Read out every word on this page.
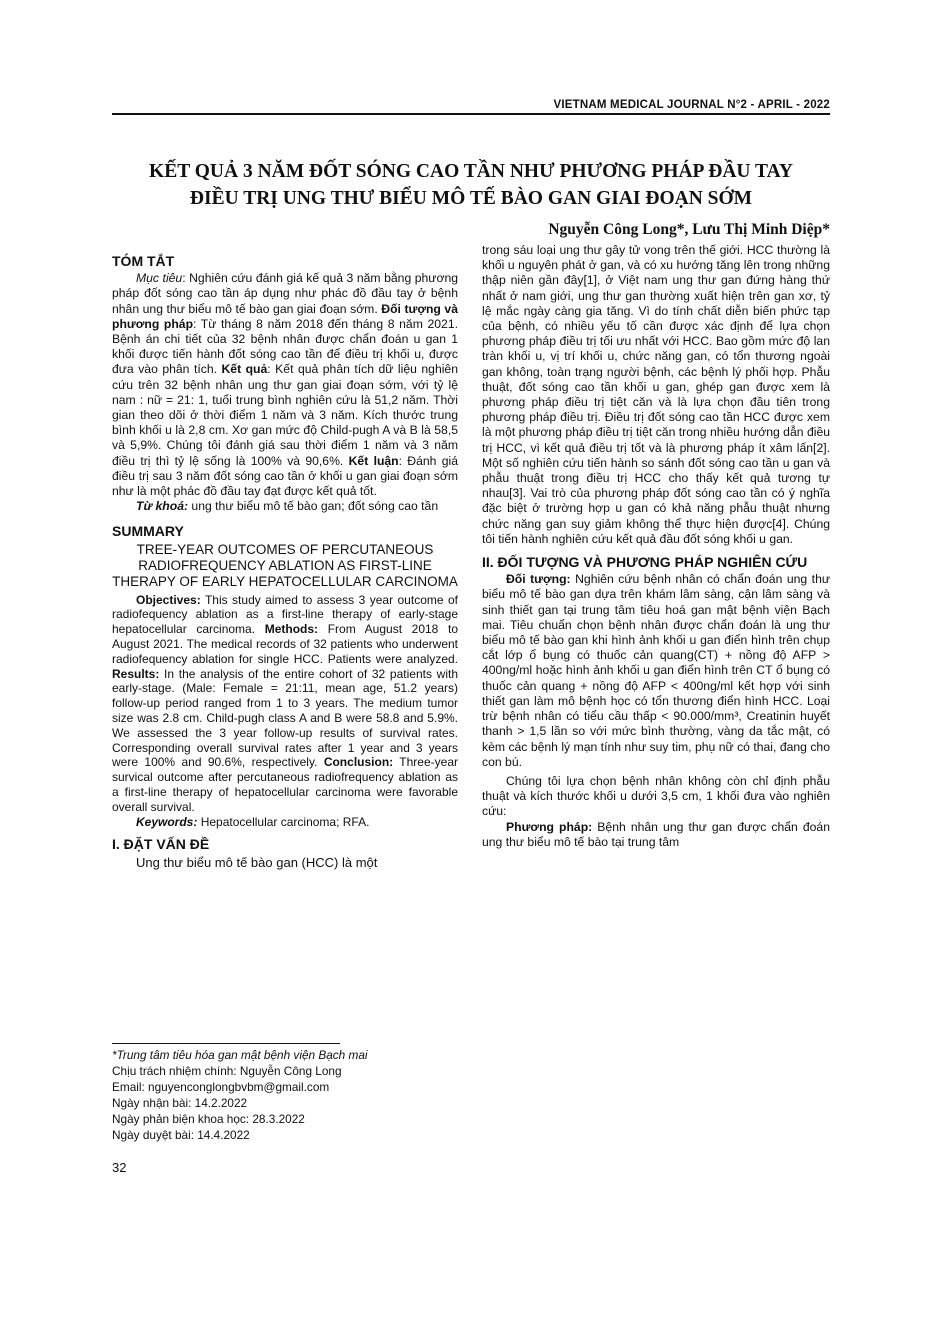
VIETNAM MEDICAL JOURNAL N°2 - APRIL - 2022
KẾT QUẢ 3 NĂM ĐỐT SÓNG CAO TẦN NHƯ PHƯƠNG PHÁP ĐẦU TAY
ĐIỀU TRỊ UNG THƯ BIỂU MÔ TẾ BÀO GAN GIAI ĐOẠN SỚM
Nguyễn Công Long*, Lưu Thị Minh Diệp*
TÓM TẮT

Mục tiêu: Nghiên cứu đánh giá kế quả 3 năm bằng phương pháp đốt sóng cao tần áp dụng như phác đồ đầu tay ở bệnh nhân ung thư biểu mô tế bào gan giai đoạn sớm. Đối tượng và phương pháp: Từ tháng 8 năm 2018 đến tháng 8 năm 2021. Bệnh án chi tiết của 32 bệnh nhân được chẩn đoán u gan 1 khối được tiến hành đốt sóng cao tần để điều trị khối u, được đưa vào phân tích. Kết quả: Kết quả phân tích dữ liệu nghiên cứu trên 32 bệnh nhân ung thư gan giai đoạn sớm, với tỷ lệ nam : nữ = 21: 1, tuổi trung bình nghiên cứu là 51,2 năm. Thời gian theo dõi ở thời điểm 1 năm và 3 năm. Kích thước trung bình khối u là 2,8 cm. Xơ gan mức độ Child-pugh A và B là 58,5 và 5,9%. Chúng tôi đánh giá sau thời điểm 1 năm và 3 năm điều trị thì tỷ lệ sống là 100% và 90,6%. Kết luận: Đánh giá điều trị sau 3 năm đốt sóng cao tần ở khối u gan giai đoạn sớm như là một phác đồ đầu tay đạt được kết quả tốt.

Từ khoá: ung thư biểu mô tế bào gan; đốt sóng cao tần

SUMMARY
TREE-YEAR OUTCOMES OF PERCUTANEOUS RADIOFREQUENCY ABLATION AS FIRST-LINE THERAPY OF EARLY HEPATOCELLULAR CARCINOMA

Objectives: This study aimed to assess 3 year outcome of radiofequency ablation as a first-line therapy of early-stage hepatocellular carcinoma. Methods: From August 2018 to August 2021. The medical records of 32 patients who underwent radiofequency ablation for single HCC. Patients were analyzed. Results: In the analysis of the entire cohort of 32 patients with early-stage. (Male: Female = 21:11, mean age, 51.2 years) follow-up period ranged from 1 to 3 years. The medium tumor size was 2.8 cm. Child-pugh class A and B were 58.8 and 5.9%. We assessed the 3 year follow-up results of survival rates. Corresponding overall survival rates after 1 year and 3 years were 100% and 90.6%, respectively. Conclusion: Three-year survical outcome after percutaneous radiofrequency ablation as a first-line therapy of hepatocellular carcinoma were favorable overall survival.

Keywords: Hepatocellular carcinoma; RFA.

I. ĐẶT VẤN ĐỀ

Ung thư biểu mô tế bào gan (HCC) là một

*Trung tâm tiêu hóa gan mật bệnh viện Bạch mai
Chịu trách nhiệm chính: Nguyễn Công Long
Email: nguyenconglongbvbm@gmail.com
Ngày nhận bài: 14.2.2022
Ngày phản biện khoa học: 28.3.2022
Ngày duyệt bài: 14.4.2022
32

trong sáu loại ung thư gây tử vong trên thế giới. HCC thường là khối u nguyên phát ở gan, và có xu hướng tăng lên trong những thập niên gần đây[1], ở Việt nam ung thư gan đứng hàng thứ nhất ở nam giới, ung thư gan thường xuất hiện trên gan xơ, tỷ lệ mắc ngày càng gia tăng. Vì do tính chất diễn biến phức tạp của bệnh, có nhiều yếu tố cần được xác định để lựa chọn phương pháp điều trị tối ưu nhất với HCC. Bao gồm mức độ lan tràn khối u, vị trí khối u, chức năng gan, có tổn thương ngoài gan không, toàn trạng người bệnh, các bệnh lý phối hợp. Phẫu thuật, đốt sóng cao tần khối u gan, ghép gan được xem là phương pháp điều trị tiệt căn và là lựa chọn đầu tiên trong phương pháp điều trị. Điều trị đốt sóng cao tần HCC được xem là một phương pháp điều trị tiệt căn trong nhiều hướng dẫn điều trị HCC, vì kết quả điều trị tốt và là phương pháp ít xâm lấn[2]. Một số nghiên cứu tiến hành so sánh đốt sóng cao tần u gan và phẫu thuật trong điều trị HCC cho thấy kết quả tương tự nhau[3]. Vai trò của phương pháp đốt sóng cao tần có ý nghĩa đặc biệt ở trường hợp u gan có khả năng phẫu thuật nhưng chức năng gan suy giảm không thể thực hiện được[4]. Chúng tôi tiến hành nghiên cứu kết quả đầu đốt sóng khối u gan.

II. ĐỐI TƯỢNG VÀ PHƯƠNG PHÁP NGHIÊN CỨU

Đối tượng: Nghiên cứu bệnh nhân có chẩn đoán ung thư biểu mô tế bào gan dựa trên khám lâm sàng, cận lâm sàng và sinh thiết gan tại trung tâm tiêu hoá gan mật bệnh viện Bạch mai. Tiêu chuẩn chọn bệnh nhân được chẩn đoán là ung thư biểu mô tế bào gan khi hình ảnh khối u gan điển hình trên chụp cắt lớp ổ bụng có thuốc cản quang(CT) + nồng độ AFP > 400ng/ml hoặc hình ảnh khối u gan điển hình trên CT ổ bụng có thuốc cản quang + nồng độ AFP < 400ng/ml kết hợp với sinh thiết gan làm mô bệnh học có tổn thương điển hình HCC. Loại trừ bệnh nhân có tiểu cầu thấp < 90.000/mm³, Creatinin huyết thanh > 1,5 lần so với mức bình thường, vàng da tắc mật, có kèm các bệnh lý mạn tính như suy tim, phụ nữ có thai, đang cho con bú.

Chúng tôi lựa chọn bệnh nhân không còn chỉ định phẫu thuật và kích thước khối u dưới 3,5 cm, 1 khối đưa vào nghiên cứu:

Phương pháp: Bệnh nhân ung thư gan được chẩn đoán ung thư biểu mô tế bào tại trung tâm
